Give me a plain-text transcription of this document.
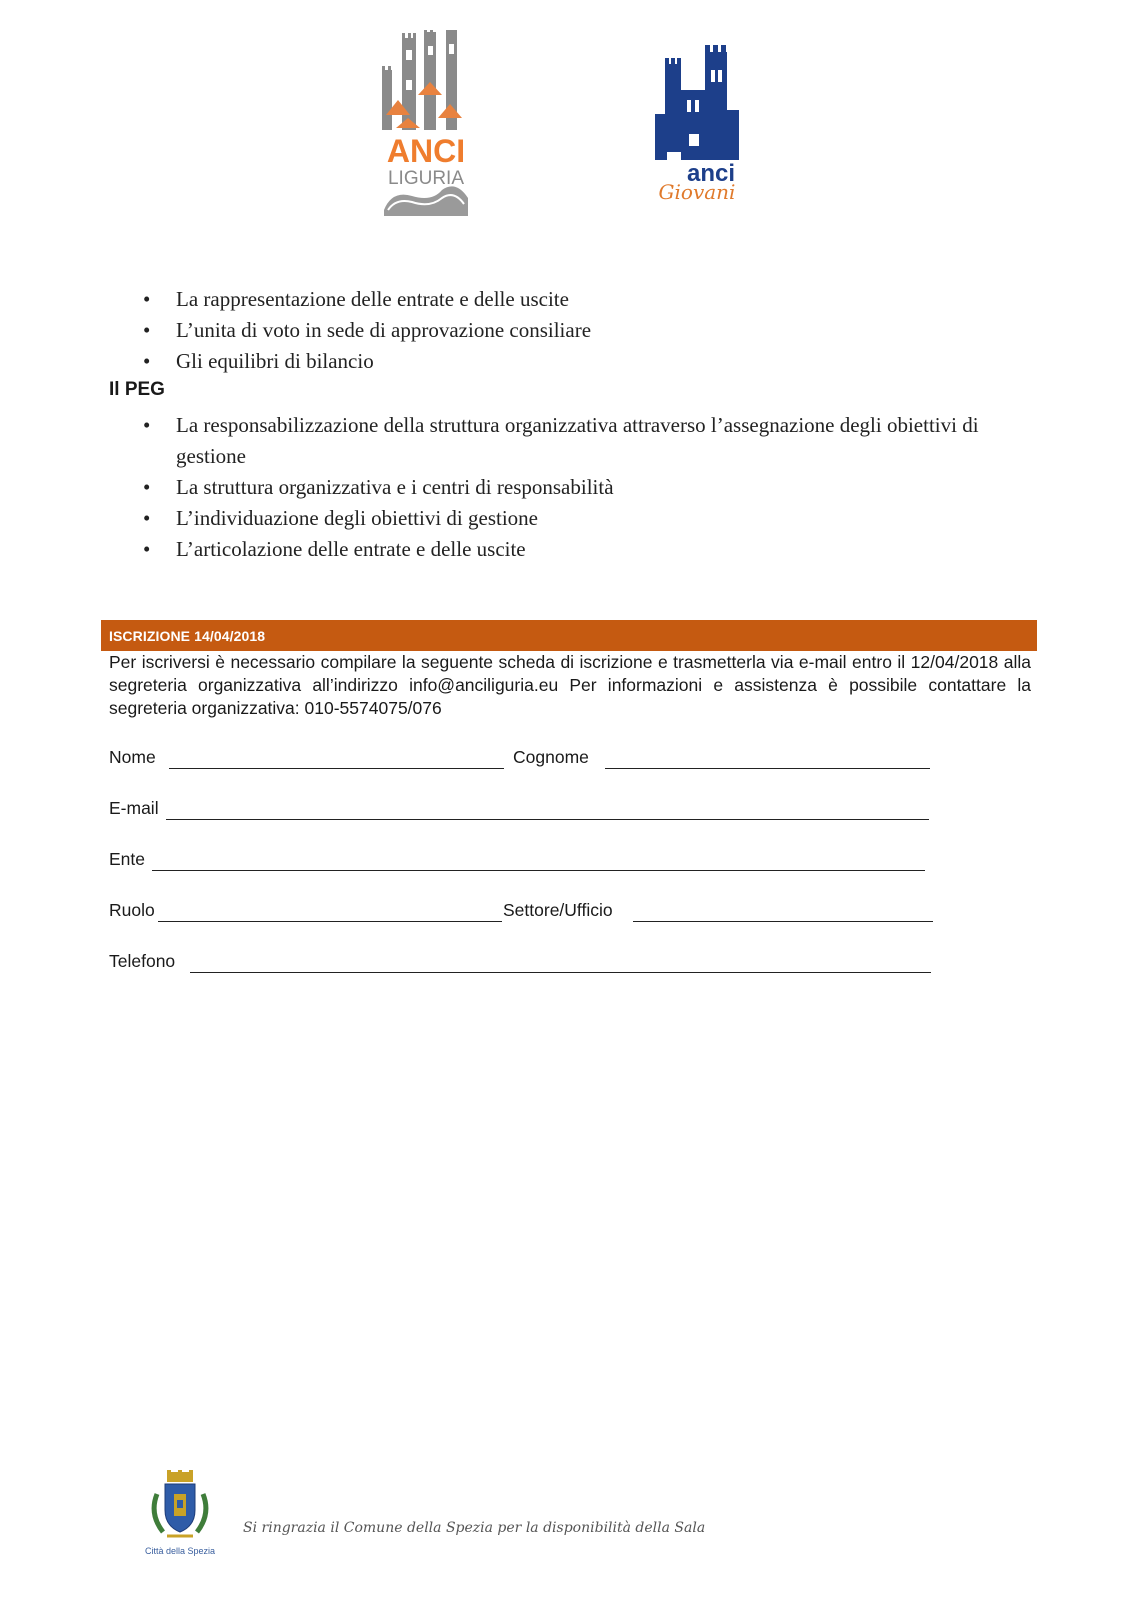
ANCI
LIGURIA	anci
Giovani
• La rappresentazione delle entrate e delle uscite
• L’unita di voto in sede di approvazione consiliare
• Gli equilibri di bilancio
Il PEG
• La responsabilizzazione della struttura organizzativa attraverso l’assegnazione degli obiettivi di gestione
• La struttura organizzativa e i centri di responsabilità
• L’individuazione degli obiettivi di gestione
• L’articolazione delle entrate e delle uscite
ISCRIZIONE 14/04/2018
Per iscriversi è necessario compilare la seguente scheda di iscrizione e trasmetterla via e-mail entro il 12/04/2018 alla segreteria organizzativa all’indirizzo info@anciliguria.eu Per informazioni e assistenza è possibile contattare la segreteria organizzativa: 010-5574075/076
Nome	Cognome
E-mail
Ente
Ruolo	Settore/Ufficio
Telefono
Città della Spezia
Si ringrazia il Comune della Spezia per la disponibilità della Sala
